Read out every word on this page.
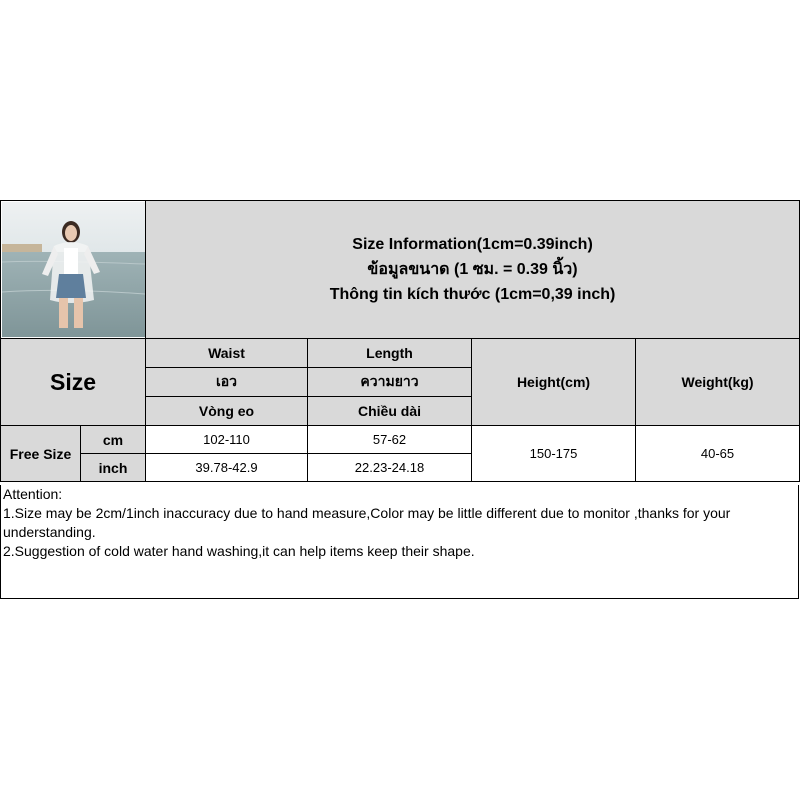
Size Information(1cm=0.39inch)
ข้อมูลขนาด (1 ซม. = 0.39 นิ้ว)
Thông tin kích thước (1cm=0,39 inch)			

Size		Waist	Length	Height(cm)	Weight(kg)
		เอว	ความยาว		
		Vòng eo	Chiều dài		
Free Size	cm	102-110	57-62	150-175	40-65
	inch	39.78-42.9	22.23-24.18		
Attention:
1.Size may be 2cm/1inch inaccuracy due to hand measure,Color may be little different due to monitor ,thanks for your understanding.
2.Suggestion of cold water hand washing,it can help items keep their shape.
